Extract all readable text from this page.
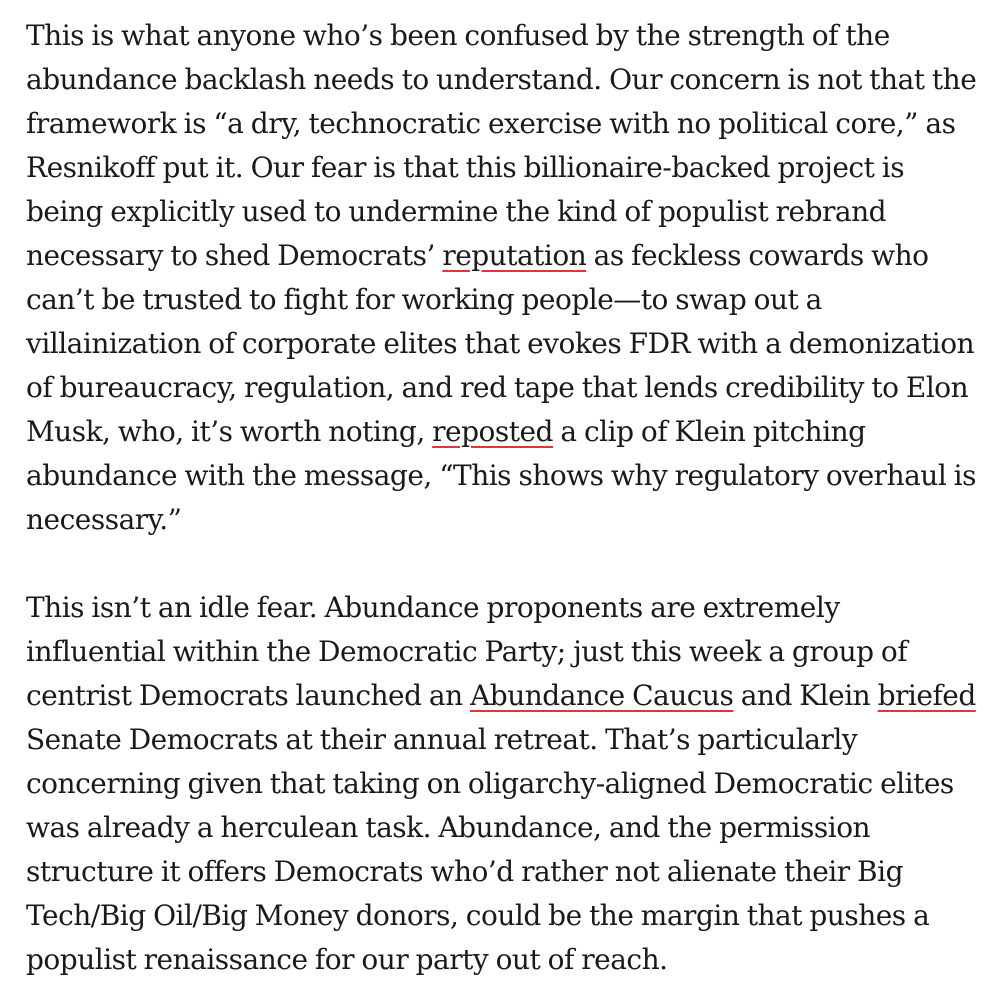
This is what anyone who’s been confused by the strength of the abundance backlash needs to understand. Our concern is not that the framework is “a dry, technocratic exercise with no political core,” as Resnikoff put it. Our fear is that this billionaire-backed project is being explicitly used to undermine the kind of populist rebrand necessary to shed Democrats’ reputation as feckless cowards who can’t be trusted to fight for working people—to swap out a villainization of corporate elites that evokes FDR with a demonization of bureaucracy, regulation, and red tape that lends credibility to Elon Musk, who, it’s worth noting, reposted a clip of Klein pitching abundance with the message, “This shows why regulatory overhaul is necessary.”

This isn’t an idle fear. Abundance proponents are extremely influential within the Democratic Party; just this week a group of centrist Democrats launched an Abundance Caucus and Klein briefed Senate Democrats at their annual retreat. That’s particularly concerning given that taking on oligarchy-aligned Democratic elites was already a herculean task. Abundance, and the permission structure it offers Democrats who’d rather not alienate their Big Tech/Big Oil/Big Money donors, could be the margin that pushes a populist renaissance for our party out of reach.
